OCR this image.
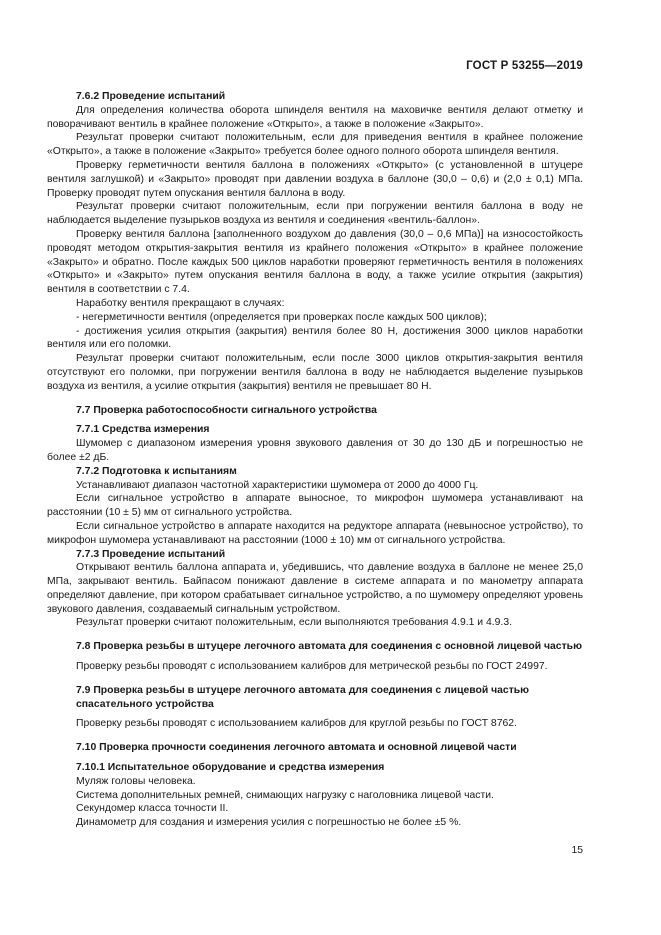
ГОСТ Р 53255—2019

7.6.2 Проведение испытаний

Для определения количества оборота шпинделя вентиля на маховичке вентиля делают отметку и поворачивают вентиль в крайнее положение «Открыто», а также в положение «Закрыто».

Результат проверки считают положительным, если для приведения вентиля в крайнее положение «Открыто», а также в положение «Закрыто» требуется более одного полного оборота шпинделя вентиля.

Проверку герметичности вентиля баллона в положениях «Открыто» (с установленной в штуцере вентиля заглушкой) и «Закрыто» проводят при давлении воздуха в баллоне (30,0 – 0,6) и (2,0 ± 0,1) МПа. Проверку проводят путем опускания вентиля баллона в воду.

Результат проверки считают положительным, если при погружении вентиля баллона в воду не наблюдается выделение пузырьков воздуха из вентиля и соединения «вентиль-баллон».

Проверку вентиля баллона [заполненного воздухом до давления (30,0 – 0,6 МПа)] на износостойкость проводят методом открытия-закрытия вентиля из крайнего положения «Открыто» в крайнее положение «Закрыто» и обратно. После каждых 500 циклов наработки проверяют герметичность вентиля в положениях «Открыто» и «Закрыто» путем опускания вентиля баллона в воду, а также усилие открытия (закрытия) вентиля в соответствии с 7.4.

Наработку вентиля прекращают в случаях:

- негерметичности вентиля (определяется при проверках после каждых 500 циклов);

- достижения усилия открытия (закрытия) вентиля более 80 Н, достижения 3000 циклов наработки вентиля или его поломки.

Результат проверки считают положительным, если после 3000 циклов открытия-закрытия вентиля отсутствуют его поломки, при погружении вентиля баллона в воду не наблюдается выделение пузырьков воздуха из вентиля, а усилие открытия (закрытия) вентиля не превышает 80 Н.

7.7 Проверка работоспособности сигнального устройства

7.7.1 Средства измерения

Шумомер с диапазоном измерения уровня звукового давления от 30 до 130 дБ и погрешностью не более ±2 дБ.

7.7.2 Подготовка к испытаниям

Устанавливают диапазон частотной характеристики шумомера от 2000 до 4000 Гц.

Если сигнальное устройство в аппарате выносное, то микрофон шумомера устанавливают на расстоянии (10 ± 5) мм от сигнального устройства.

Если сигнальное устройство в аппарате находится на редукторе аппарата (невыносное устройство), то микрофон шумомера устанавливают на расстоянии (1000 ± 10) мм от сигнального устройства.

7.7.3 Проведение испытаний

Открывают вентиль баллона аппарата и, убедившись, что давление воздуха в баллоне не менее 25,0 МПа, закрывают вентиль. Байпасом понижают давление в системе аппарата и по манометру аппарата определяют давление, при котором срабатывает сигнальное устройство, а по шумомеру определяют уровень звукового давления, создаваемый сигнальным устройством.

Результат проверки считают положительным, если выполняются требования 4.9.1 и 4.9.3.

7.8 Проверка резьбы в штуцере легочного автомата для соединения с основной лицевой частью

Проверку резьбы проводят с использованием калибров для метрической резьбы по ГОСТ 24997.

7.9 Проверка резьбы в штуцере легочного автомата для соединения с лицевой частью спасательного устройства

Проверку резьбы проводят с использованием калибров для круглой резьбы по ГОСТ 8762.

7.10 Проверка прочности соединения легочного автомата и основной лицевой части

7.10.1 Испытательное оборудование и средства измерения

Муляж головы человека.

Система дополнительных ремней, снимающих нагрузку с наголовника лицевой части.

Секундомер класса точности II.

Динамометр для создания и измерения усилия с погрешностью не более ±5 %.

15
